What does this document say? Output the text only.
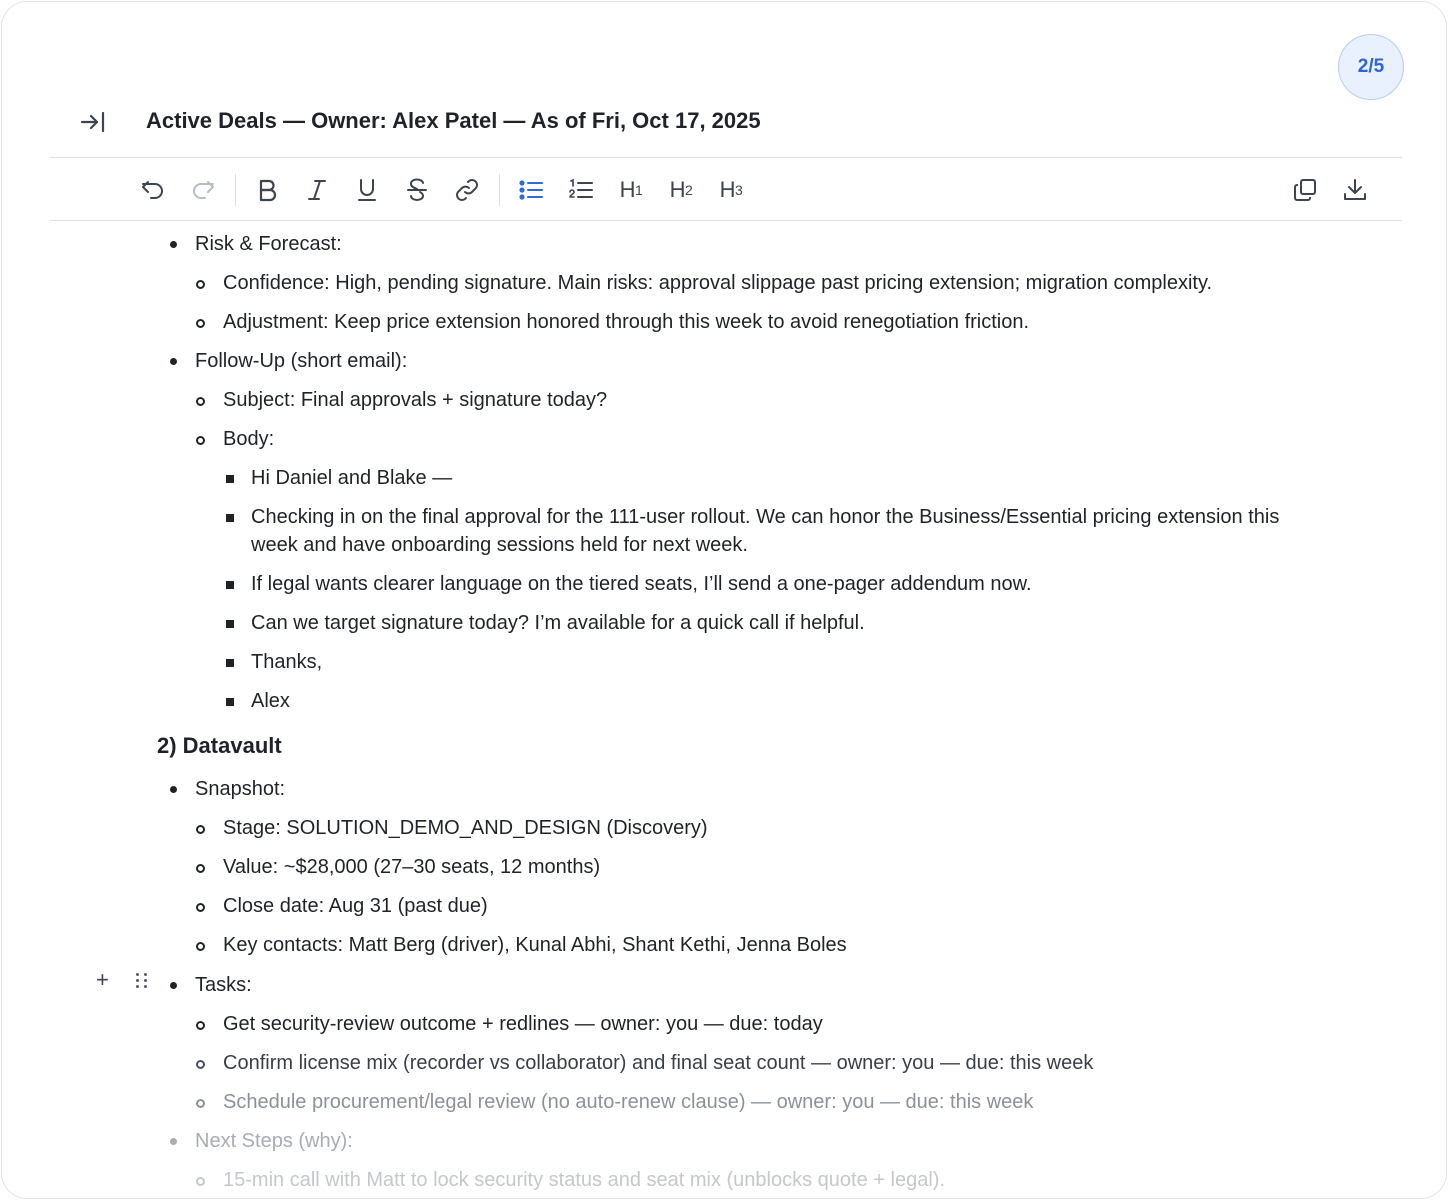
2/5
Active Deals — Owner: Alex Patel — As of Fri, Oct 17, 2025
H 1	H 2	H 3
Risk & Forecast:
Confidence: High, pending signature. Main risks: approval slippage past pricing extension; migration complexity.
Adjustment: Keep price extension honored through this week to avoid renegotiation friction.
Follow-Up (short email):
Subject: Final approvals + signature today?
Body:
Hi Daniel and Blake —
Checking in on the final approval for the 111-user rollout. We can honor the Business/Essential pricing extension this week and have onboarding sessions held for next week.
If legal wants clearer language on the tiered seats, I’ll send a one-pager addendum now.
Can we target signature today? I’m available for a quick call if helpful.
Thanks,
Alex
2) Datavault
Snapshot:
Stage: SOLUTION_DEMO_AND_DESIGN (Discovery)
Value: ~$28,000 (27–30 seats, 12 months)
Close date: Aug 31 (past due)
Key contacts: Matt Berg (driver), Kunal Abhi, Shant Kethi, Jenna Boles
+	Tasks:
Get security-review outcome + redlines — owner: you — due: today
Confirm license mix (recorder vs collaborator) and final seat count — owner: you — due: this week
Schedule procurement/legal review (no auto-renew clause) — owner: you — due: this week
Next Steps (why):
15-min call with Matt to lock security status and seat mix (unblocks quote + legal).
